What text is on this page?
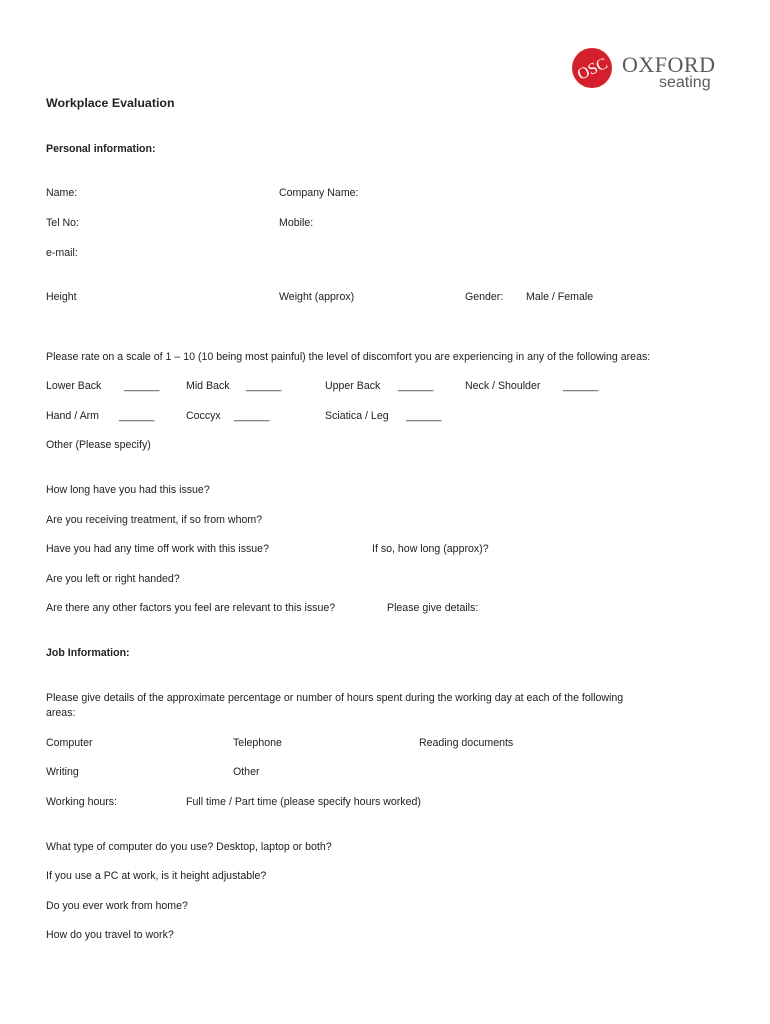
OSC OXFORD
seating
Workplace Evaluation
Personal information:
Name:	Company Name:
Tel No:	Mobile:
e-mail:
Height	Weight (approx)	Gender: Male / Female
Please rate on a scale of 1 – 10 (10 being most painful) the level of discomfort you are experiencing in any of the following areas:
Lower Back ______	Mid Back ______	Upper Back ______	Neck / Shoulder ______
Hand / Arm ______	Coccyx ______	Sciatica / Leg ______
Other (Please specify)
How long have you had this issue?
Are you receiving treatment, if so from whom?
Have you had any time off work with this issue?	If so, how long (approx)?
Are you left or right handed?
Are there any other factors you feel are relevant to this issue?	Please give details:
Job Information:
Please give details of the approximate percentage or number of hours spent during the working day at each of the following
areas:
Computer	Telephone	Reading documents
Writing	Other
Working hours:	Full time / Part time (please specify hours worked)
What type of computer do you use? Desktop, laptop or both?
If you use a PC at work, is it height adjustable?
Do you ever work from home?
How do you travel to work?
